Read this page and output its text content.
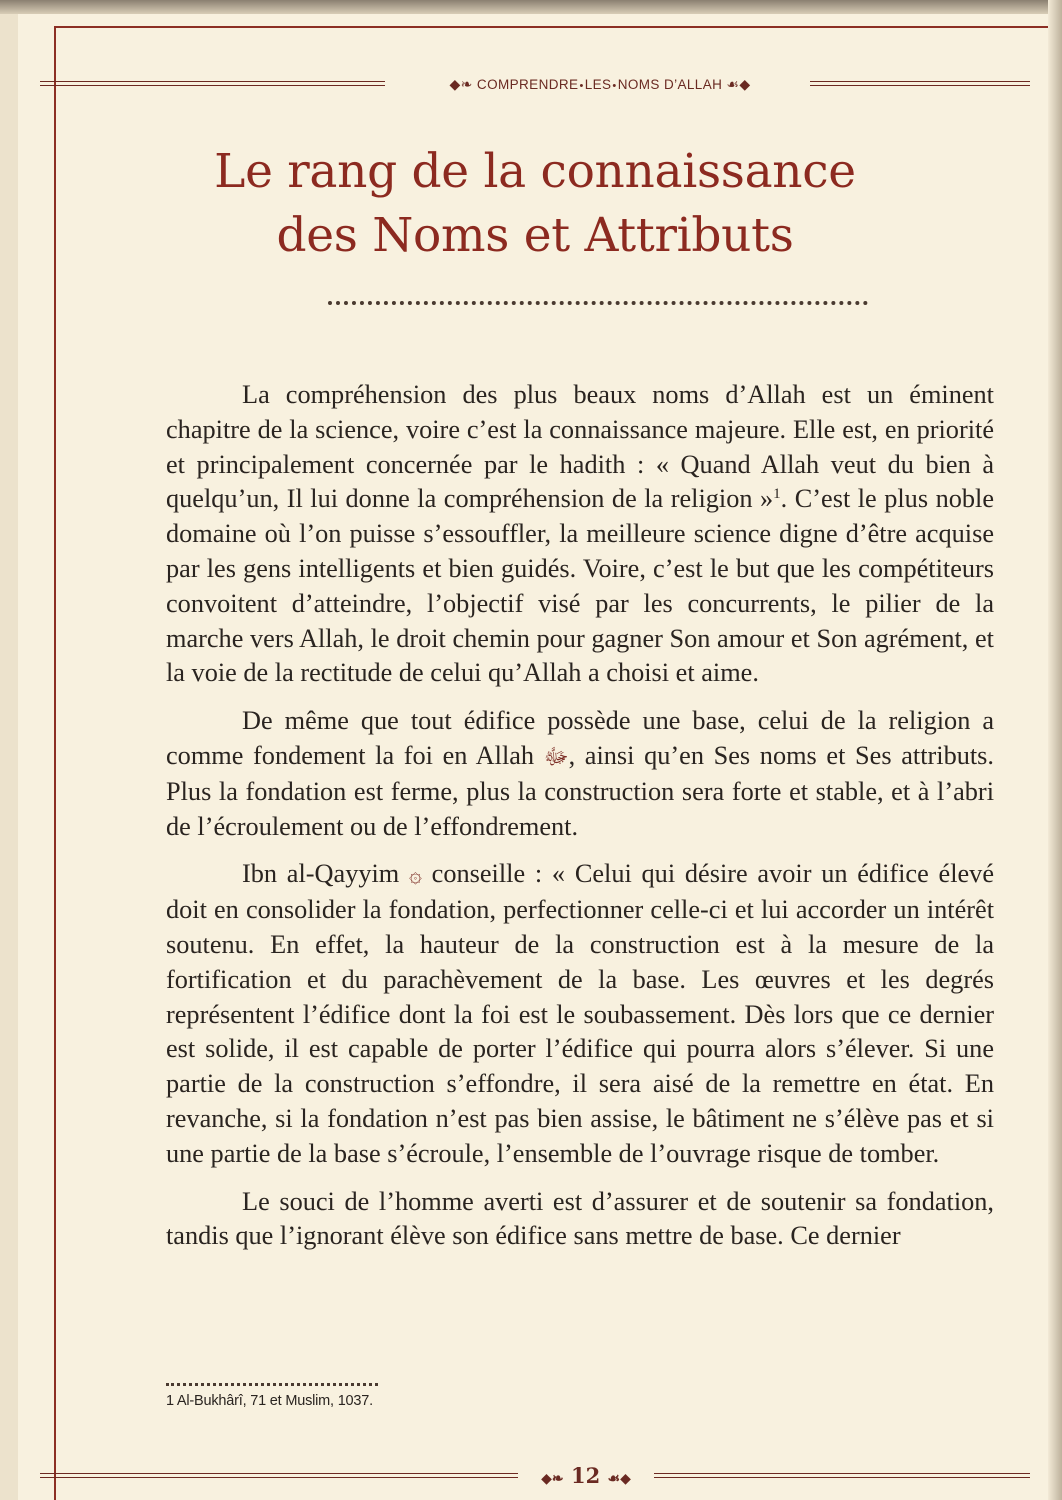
◆❧ COMPRENDRE•LES•NOMS D’ALLAH ☙◆
Le rang de la connaissance
des Noms et Attributs

La compréhension des plus beaux noms d’Allah est un éminent chapitre de la science, voire c’est la connaissance majeure. Elle est, en priorité et principalement concernée par le hadith : « Quand Allah veut du bien à quelqu’un, Il lui donne la compréhension de la religion »$^1$. C’est le plus noble domaine où l’on puisse s’essouffler, la meilleure science digne d’être acquise par les gens intelligents et bien guidés. Voire, c’est le but que les compétiteurs convoitent d’atteindre, l’objectif visé par les concurrents, le pilier de la marche vers Allah, le droit chemin pour gagner Son amour et Son agrément, et la voie de la rectitude de celui qu’Allah a choisi et aime.

De même que tout édifice possède une base, celui de la religion a comme fondement la foi en Allah ﷻ, ainsi qu’en Ses noms et Ses attributs. Plus la fondation est ferme, plus la construction sera forte et stable, et à l’abri de l’écroulement ou de l’effondrement.

Ibn al-Qayyim ۞ conseille : « Celui qui désire avoir un édifice élevé doit en consolider la fondation, perfectionner celle-ci et lui accorder un intérêt soutenu. En effet, la hauteur de la construction est à la mesure de la fortification et du parachèvement de la base. Les œuvres et les degrés représentent l’édifice dont la foi est le soubassement. Dès lors que ce dernier est solide, il est capable de porter l’édifice qui pourra alors s’élever. Si une partie de la construction s’effondre, il sera aisé de la remettre en état. En revanche, si la fondation n’est pas bien assise, le bâtiment ne s’élève pas et si une partie de la base s’écroule, l’ensemble de l’ouvrage risque de tomber.

Le souci de l’homme averti est d’assurer et de soutenir sa fondation, tandis que l’ignorant élève son édifice sans mettre de base. Ce dernier

1 Al-Bukhârî, 71 et Muslim, 1037.
◆❧ 12 ☙◆
